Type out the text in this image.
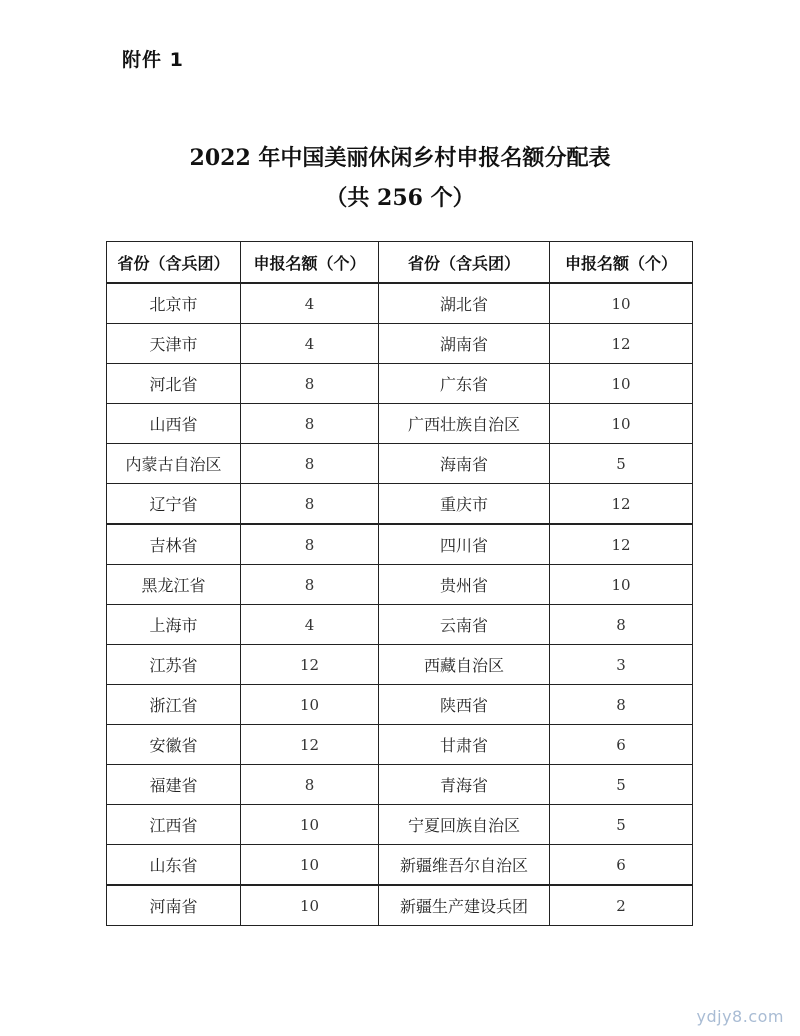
附件 1
2022 年中国美丽休闲乡村申报名额分配表
（共 256 个）
省份（含兵团）	申报名额（个）	省份（含兵团）	申报名额（个）
北京市	4	湖北省	10
天津市	4	湖南省	12
河北省	8	广东省	10
山西省	8	广西壮族自治区	10
内蒙古自治区	8	海南省	5
辽宁省	8	重庆市	12
吉林省	8	四川省	12
黑龙江省	8	贵州省	10
上海市	4	云南省	8
江苏省	12	西藏自治区	3
浙江省	10	陕西省	8
安徽省	12	甘肃省	6
福建省	8	青海省	5
江西省	10	宁夏回族自治区	5
山东省	10	新疆维吾尔自治区	6
河南省	10	新疆生产建设兵团	2
ydjy8.com
